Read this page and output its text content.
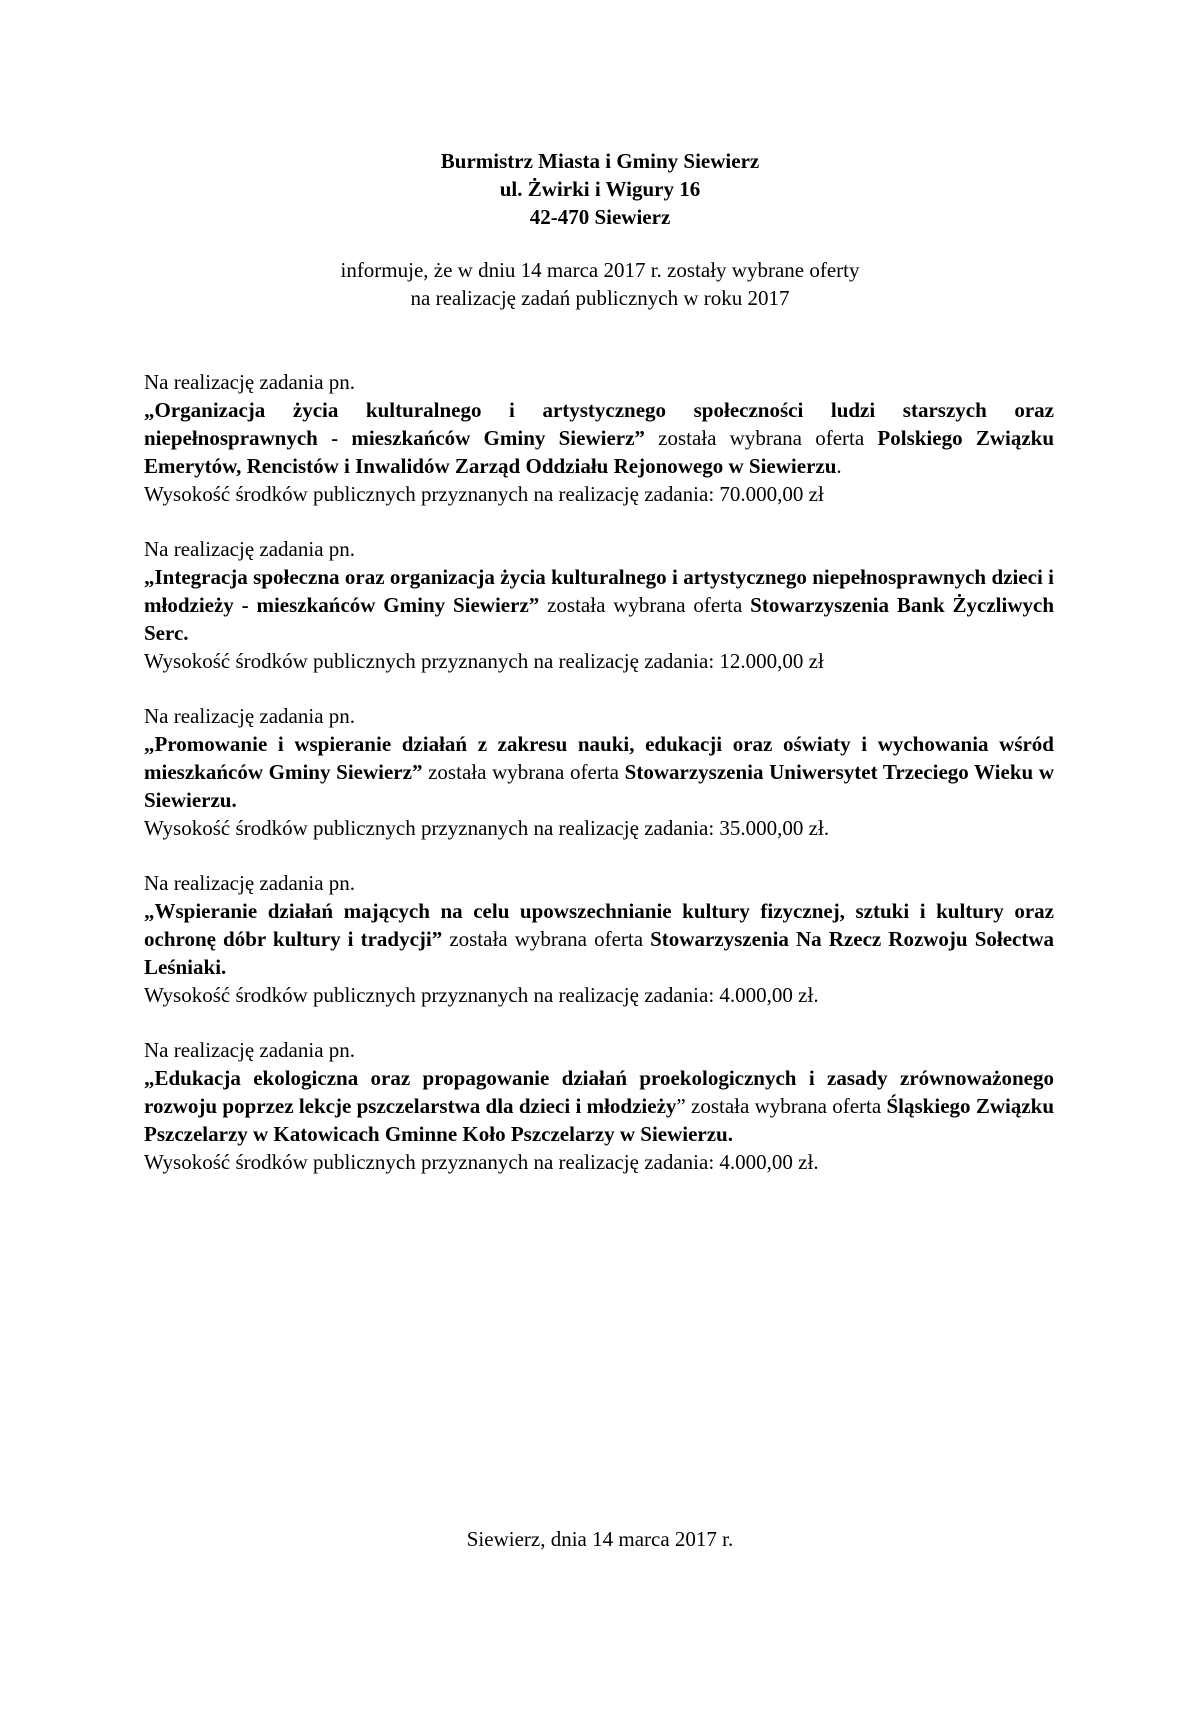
Burmistrz Miasta i Gminy Siewierz
ul. Żwirki i Wigury 16
42-470 Siewierz
informuje, że w dniu 14 marca 2017 r. zostały wybrane oferty
na realizację zadań publicznych w roku 2017
Na realizację zadania pn.
„Organizacja życia kulturalnego i artystycznego społeczności ludzi starszych oraz niepełnosprawnych - mieszkańców Gminy Siewierz” została wybrana oferta Polskiego Związku Emerytów, Rencistów i Inwalidów Zarząd Oddziału Rejonowego w Siewierzu.
Wysokość środków publicznych przyznanych na realizację zadania: 70.000,00 zł
Na realizację zadania pn.
„Integracja społeczna oraz organizacja życia kulturalnego i artystycznego niepełnosprawnych dzieci i młodzieży - mieszkańców Gminy Siewierz” została wybrana oferta Stowarzyszenia Bank Życzliwych Serc.
Wysokość środków publicznych przyznanych na realizację zadania: 12.000,00 zł
Na realizację zadania pn.
„Promowanie i wspieranie działań z zakresu nauki, edukacji oraz oświaty i wychowania wśród mieszkańców Gminy Siewierz” została wybrana oferta Stowarzyszenia Uniwersytet Trzeciego Wieku w Siewierzu.
Wysokość środków publicznych przyznanych na realizację zadania: 35.000,00 zł.
Na realizację zadania pn.
„Wspieranie działań mających na celu upowszechnianie kultury fizycznej, sztuki i kultury oraz ochronę dóbr kultury i tradycji” została wybrana oferta Stowarzyszenia Na Rzecz Rozwoju Sołectwa Leśniaki.
Wysokość środków publicznych przyznanych na realizację zadania: 4.000,00 zł.
Na realizację zadania pn.
„Edukacja ekologiczna oraz propagowanie działań proekologicznych i zasady zrównoważonego rozwoju poprzez lekcje pszczelarstwa dla dzieci i młodzieży” została wybrana oferta Śląskiego Związku Pszczelarzy w Katowicach Gminne Koło Pszczelarzy w Siewierzu.
Wysokość środków publicznych przyznanych na realizację zadania: 4.000,00 zł.
Siewierz, dnia 14 marca 2017 r.
